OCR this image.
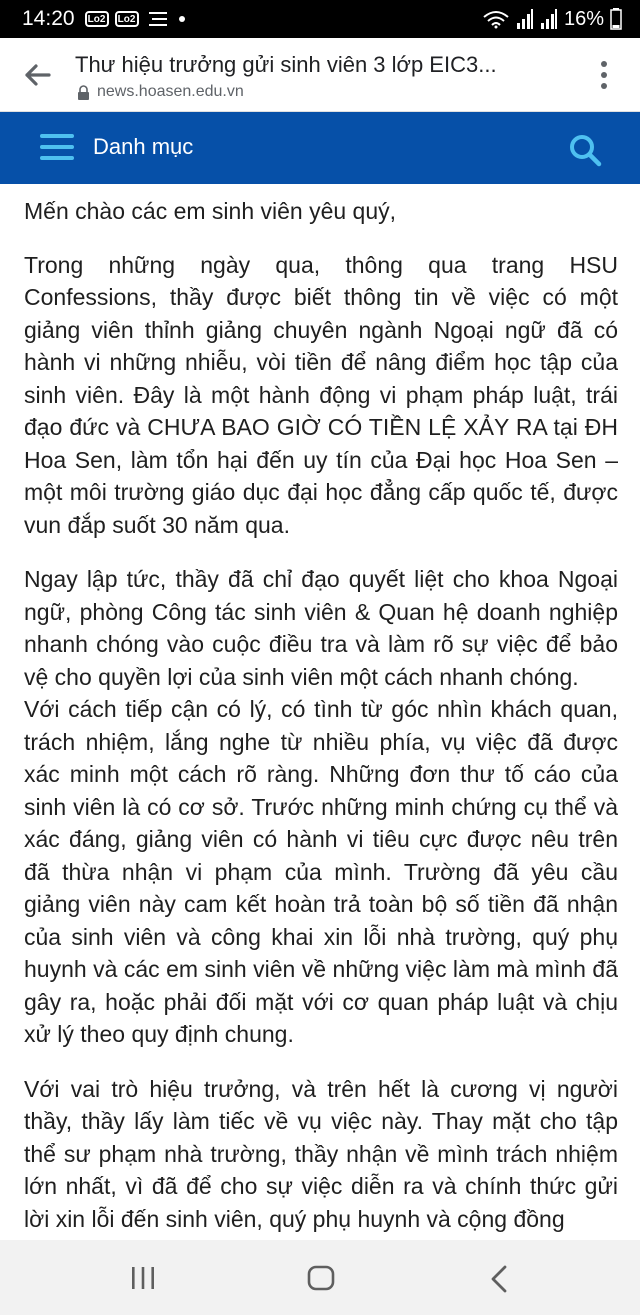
14:20	Lo2	Lo2	16%
Thư hiệu trưởng gửi sinh viên 3 lớp EIC3...
news.hoasen.edu.vn
Danh mục

Mến chào các em sinh viên yêu quý,

Trong những ngày qua, thông qua trang HSU Confessions, thầy được biết thông tin về việc có một giảng viên thỉnh giảng chuyên ngành Ngoại ngữ đã có hành vi những nhiễu, vòi tiền để nâng điểm học tập của sinh viên. Đây là một hành động vi phạm pháp luật, trái đạo đức và CHƯA BAO GIỜ CÓ TIỀN LỆ XẢY RA tại ĐH Hoa Sen, làm tổn hại đến uy tín của Đại học Hoa Sen – một môi trường giáo dục đại học đẳng cấp quốc tế, được vun đắp suốt 30 năm qua.

Ngay lập tức, thầy đã chỉ đạo quyết liệt cho khoa Ngoại ngữ, phòng Công tác sinh viên & Quan hệ doanh nghiệp nhanh chóng vào cuộc điều tra và làm rõ sự việc để bảo vệ cho quyền lợi của sinh viên một cách nhanh chóng.

Với cách tiếp cận có lý, có tình từ góc nhìn khách quan, trách nhiệm, lắng nghe từ nhiều phía, vụ việc đã được xác minh một cách rõ ràng. Những đơn thư tố cáo của sinh viên là có cơ sở. Trước những minh chứng cụ thể và xác đáng, giảng viên có hành vi tiêu cực được nêu trên đã thừa nhận vi phạm của mình. Trường đã yêu cầu giảng viên này cam kết hoàn trả toàn bộ số tiền đã nhận của sinh viên và công khai xin lỗi nhà trường, quý phụ huynh và các em sinh viên về những việc làm mà mình đã gây ra, hoặc phải đối mặt với cơ quan pháp luật và chịu xử lý theo quy định chung.

Với vai trò hiệu trưởng, và trên hết là cương vị người thầy, thầy lấy làm tiếc về vụ việc này. Thay mặt cho tập thể sư phạm nhà trường, thầy nhận về mình trách nhiệm lớn nhất, vì đã để cho sự việc diễn ra và chính thức gửi lời xin lỗi đến sinh viên, quý phụ huynh và cộng đồng
